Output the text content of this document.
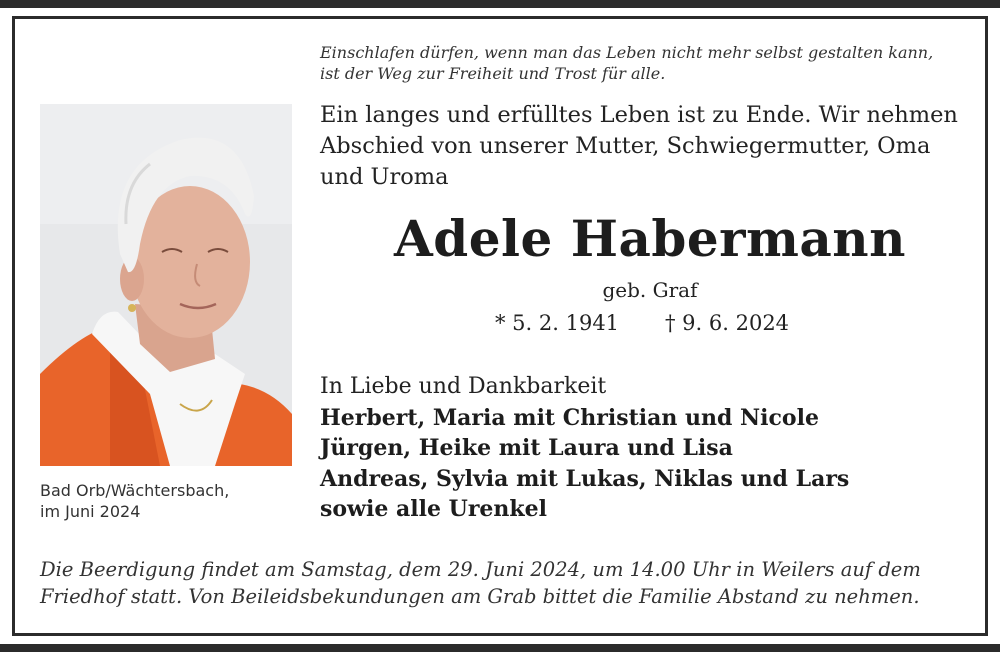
Einschlafen dürfen, wenn man das Leben nicht mehr selbst gestalten kann,
ist der Weg zur Freiheit und Trost für alle.
Bad Orb/Wächtersbach,
im Juni 2024
Ein langes und erfülltes Leben ist zu Ende. Wir nehmen
Abschied von unserer Mutter, Schwiegermutter, Oma
und Uroma
Adele Habermann
geb. Graf
* 5. 2. 1941 † 9. 6. 2024
In Liebe und Dankbarkeit
Herbert, Maria mit Christian und Nicole
Jürgen, Heike mit Laura und Lisa
Andreas, Sylvia mit Lukas, Niklas und Lars
sowie alle Urenkel
Die Beerdigung findet am Samstag, dem 29. Juni 2024, um 14.00 Uhr in Weilers auf dem
Friedhof statt. Von Beileidsbekundungen am Grab bittet die Familie Abstand zu nehmen.
